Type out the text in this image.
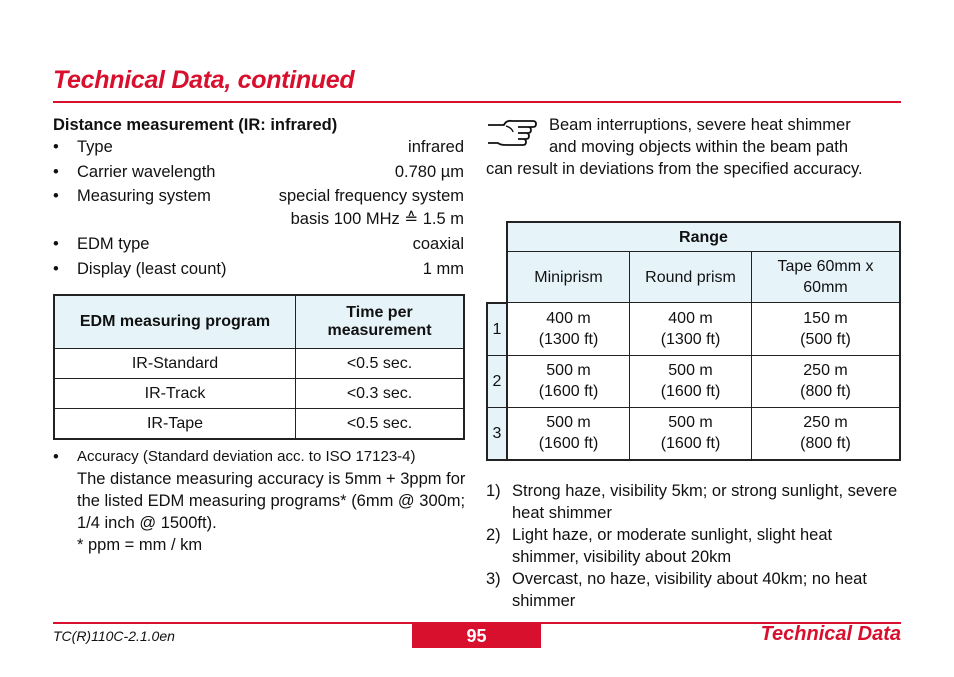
Technical Data, continued
Distance measurement (IR: infrared)
• Type	infrared
• Carrier wavelength	0.780 µm
• Measuring system	special frequency system
basis 100 MHz ≙ 1.5 m
• EDM type	coaxial
• Display (least count)	1 mm
EDM measuring program	Time per measurement
IR-Standard	<0.5 sec.
IR-Track	<0.3 sec.
IR-Tape	<0.5 sec.
• Accuracy (Standard deviation acc. to ISO 17123-4)
The distance measuring accuracy is 5mm + 3ppm for the listed EDM measuring programs* (6mm @ 300m; 1/4 inch @ 1500ft).
* ppm = mm / km
Beam interruptions, severe heat shimmer
and moving objects within the beam path
can result in deviations from the specified accuracy.
	Range		
	Miniprism	Round prism	Tape 60mm x 60mm
1	400 m
(1300 ft)	400 m
(1300 ft)	150 m
(500 ft)
2	500 m
(1600 ft)	500 m
(1600 ft)	250 m
(800 ft)
3	500 m
(1600 ft)	500 m
(1600 ft)	250 m
(800 ft)
1) Strong haze, visibility 5km; or strong sunlight, severe heat shimmer
2) Light haze, or moderate sunlight, slight heat shimmer, visibility about 20km
3) Overcast, no haze, visibility about 40km; no heat shimmer
TC(R)110C-2.1.0en	95	Technical Data
